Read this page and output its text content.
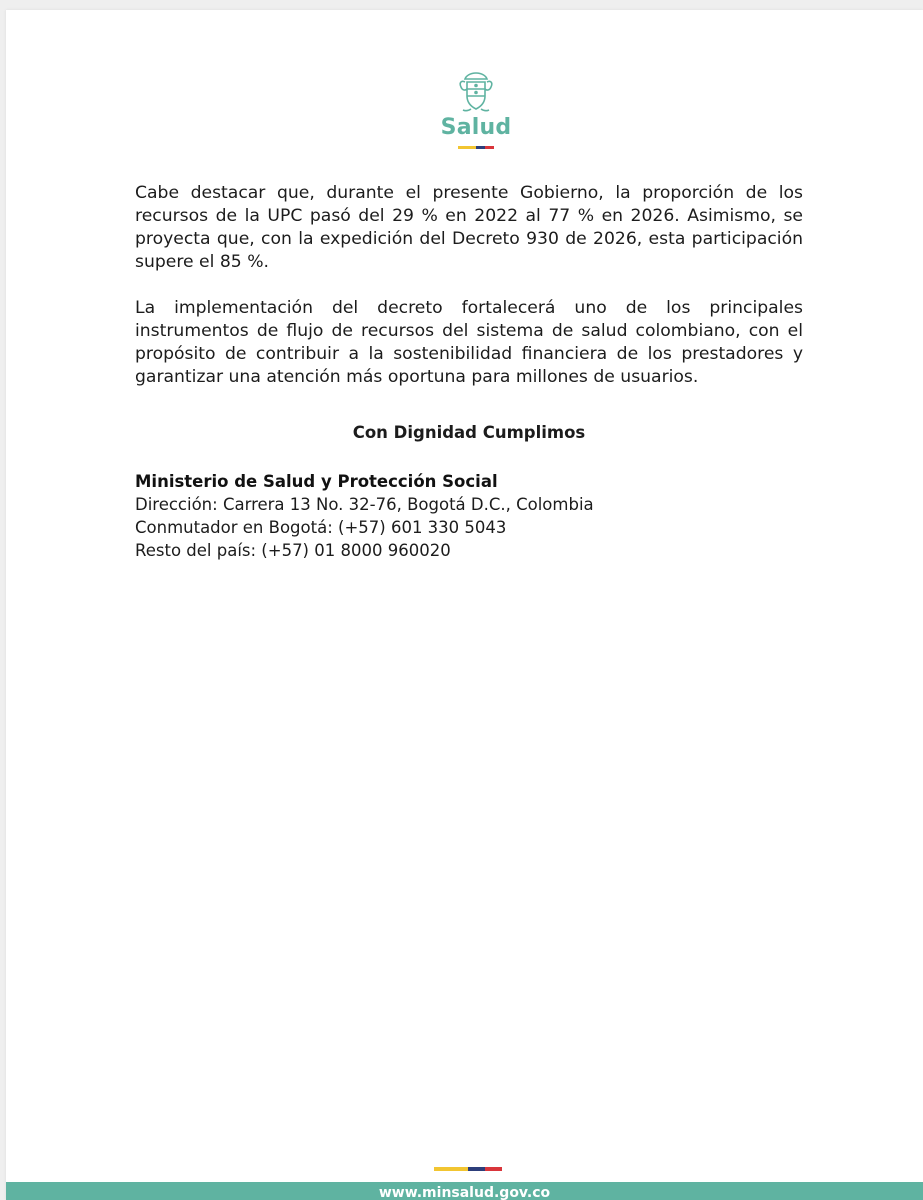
Salud

Cabe destacar que, durante el presente Gobierno, la proporción de los recursos de la UPC pasó del 29 % en 2022 al 77 % en 2026. Asimismo, se proyecta que, con la expedición del Decreto 930 de 2026, esta participación supere el 85 %.

La implementación del decreto fortalecerá uno de los principales instrumentos de flujo de recursos del sistema de salud colombiano, con el propósito de contribuir a la sostenibilidad financiera de los prestadores y garantizar una atención más oportuna para millones de usuarios.

Con Dignidad Cumplimos
Ministerio de Salud y Protección Social
Dirección: Carrera 13 No. 32-76, Bogotá D.C., Colombia
Conmutador en Bogotá: (+57) 601 330 5043
Resto del país: (+57) 01 8000 960020
www.minsalud.gov.co
